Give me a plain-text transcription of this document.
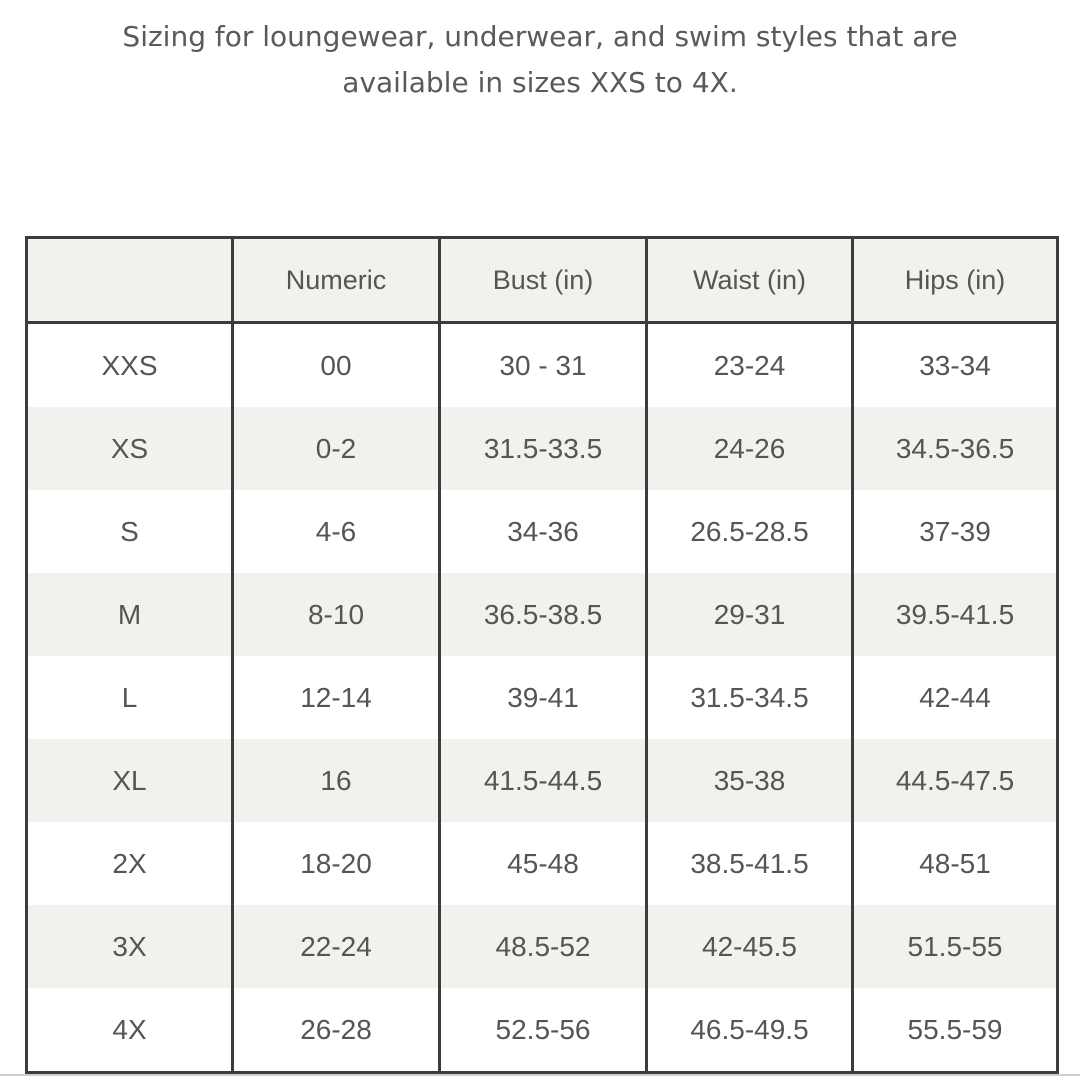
Sizing for loungewear, underwear, and swim styles that are
available in sizes XXS to 4X.
	Numeric	Bust (in)	Waist (in)	Hips (in)
XXS	00	30 - 31	23-24	33-34
XS	0-2	31.5-33.5	24-26	34.5-36.5
S	4-6	34-36	26.5-28.5	37-39
M	8-10	36.5-38.5	29-31	39.5-41.5
L	12-14	39-41	31.5-34.5	42-44
XL	16	41.5-44.5	35-38	44.5-47.5
2X	18-20	45-48	38.5-41.5	48-51
3X	22-24	48.5-52	42-45.5	51.5-55
4X	26-28	52.5-56	46.5-49.5	55.5-59
